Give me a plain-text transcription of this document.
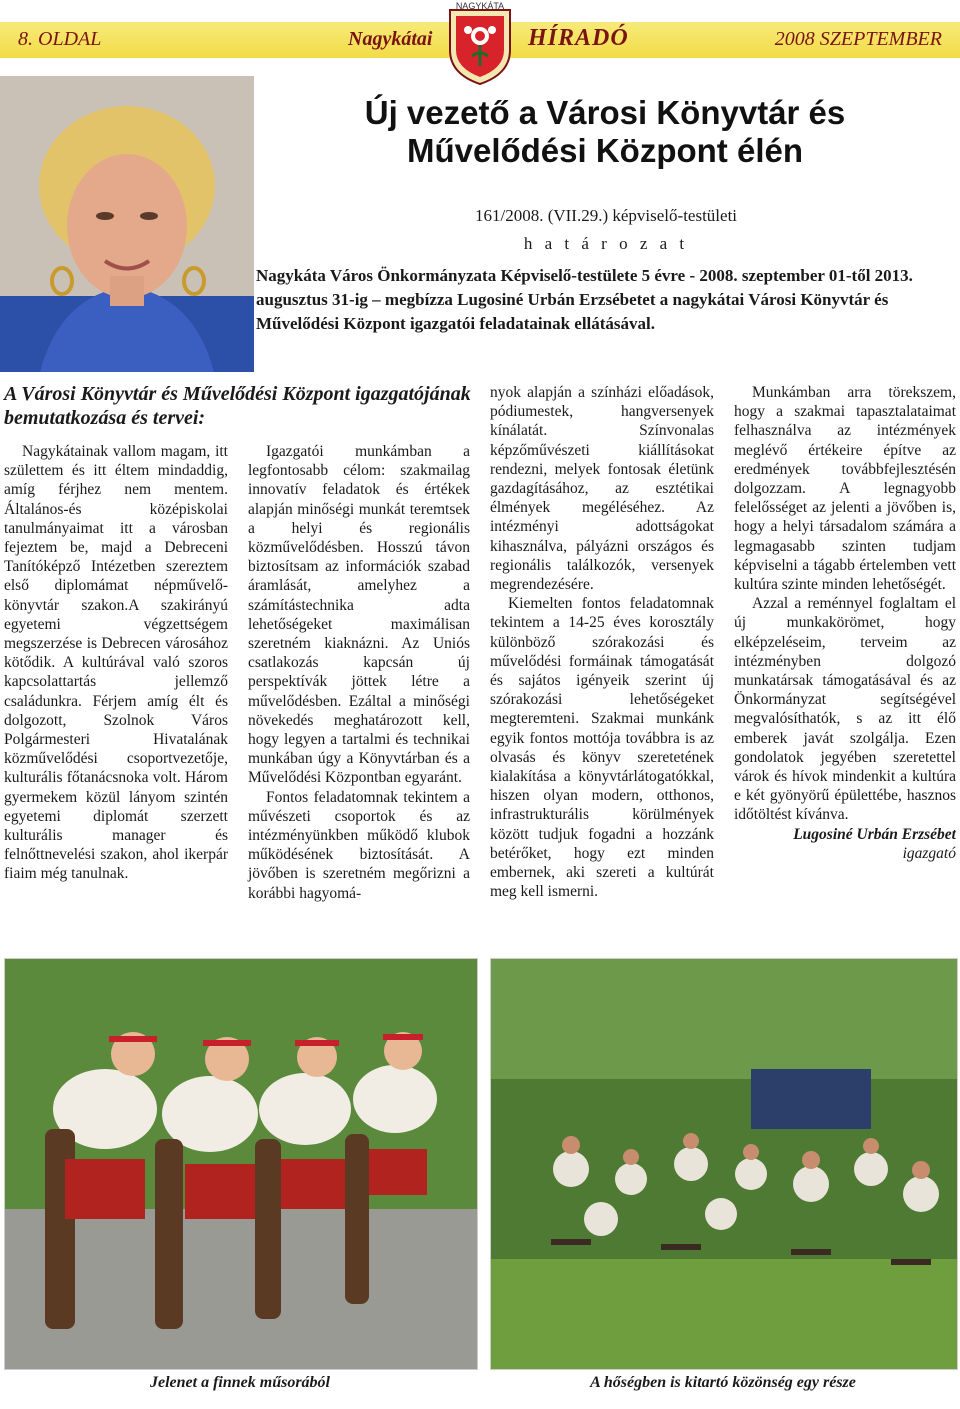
8. OLDAL	Nagykátai	HÍRADÓ	2008 SZEPTEMBER
NAGYKÁTA
Új vezető a Városi Könyvtár és
Művelődési Központ élén
161/2008. (VII.29.) képviselő-testületi
h a t á r o z a t
Nagykáta Város Önkormányzata Képviselő-testülete 5 évre - 2008. szeptember 01-től 2013. augusztus 31-ig – megbízza Lugosiné Urbán Erzsébetet a nagykátai Városi Könyvtár és Művelődési Központ igazgatói feladatainak ellátásával.
A Városi Könyvtár és Művelődési Központ igazgatójának bemutatkozása és tervei:

Nagykátainak vallom magam, itt születtem és itt éltem mindaddig, amíg férjhez nem mentem. Általános-és középiskolai tanulmányaimat itt a városban fejeztem be, majd a Debreceni Tanítóképző Intézetben szereztem első diplomámat népművelő-könyvtár szakon.A szakirányú egyetemi végzettségem megszerzése is Debrecen városához kötődik. A kultúrával való szoros kapcsolattartás jellemző családunkra. Férjem amíg élt és dolgozott, Szolnok Város Polgármesteri Hivatalának közművelődési csoportvezetője, kulturális főtanácsnoka volt. Három gyermekem közül lányom szintén egyetemi diplomát szerzett kulturális manager és felnőttnevelési szakon, ahol ikerpár fiaim még tanulnak.

Igazgatói munkámban a legfontosabb célom: szakmailag innovatív feladatok és értékek alapján minőségi munkát teremtsek a helyi és regionális közművelődésben. Hosszú távon biztosítsam az információk szabad áramlását, amelyhez a számítástechnika adta lehetőségeket maximálisan szeretném kiaknázni. Az Uniós csatlakozás kapcsán új perspektívák jöttek létre a művelődésben. Ezáltal a minőségi növekedés meghatározott kell, hogy legyen a tartalmi és technikai munkában úgy a Könyvtárban és a Művelődési Központban egyaránt.

Fontos feladatomnak tekintem a művészeti csoportok és az intézményünkben működő klubok működésének biztosítását. A jövőben is szeretném megőrizni a korábbi hagyomá-

nyok alapján a színházi előadások, pódiumestek, hangversenyek kínálatát. Színvonalas képzőművészeti kiállításokat rendezni, melyek fontosak életünk gazdagításához, az esztétikai élmények megéléséhez. Az intézményi adottságokat kihasználva, pályázni országos és regionális találkozók, versenyek megrendezésére.

Kiemelten fontos feladatomnak tekintem a 14-25 éves korosztály különböző szórakozási és művelődési formáinak támogatását és sajátos igényeik szerint új szórakozási lehetőségeket megteremteni. Szakmai munkánk egyik fontos mottója továbbra is az olvasás és könyv szeretetének kialakítása a könyvtárlátogatókkal, hiszen olyan modern, otthonos, infrastrukturális körülmények között tudjuk fogadni a hozzánk betérőket, hogy ezt minden embernek, aki szereti a kultúrát meg kell ismerni.

Munkámban arra törekszem, hogy a szakmai tapasztalataimat felhasználva az intézmények meglévő értékeire építve az eredmények továbbfejlesztésén dolgozzam. A legnagyobb felelősséget az jelenti a jövőben is, hogy a helyi társadalom számára a legmagasabb szinten tudjam képviselni a tágabb értelemben vett kultúra szinte minden lehetőségét.

Azzal a reménnyel foglaltam el új munkakörömet, hogy elképzeléseim, terveim az intézményben dolgozó munkatársak támogatásával és az Önkormányzat segítségével megvalósíthatók, s az itt élő emberek javát szolgálja. Ezen gondolatok jegyében szeretettel várok és hívok mindenkit a kultúra e két gyönyörű épülettébe, hasznos időtöltést kívánva.

Lugosiné Urbán Erzsébet
igazgató

Jelenet a finnek műsorából	A hőségben is kitartó közönség egy része
